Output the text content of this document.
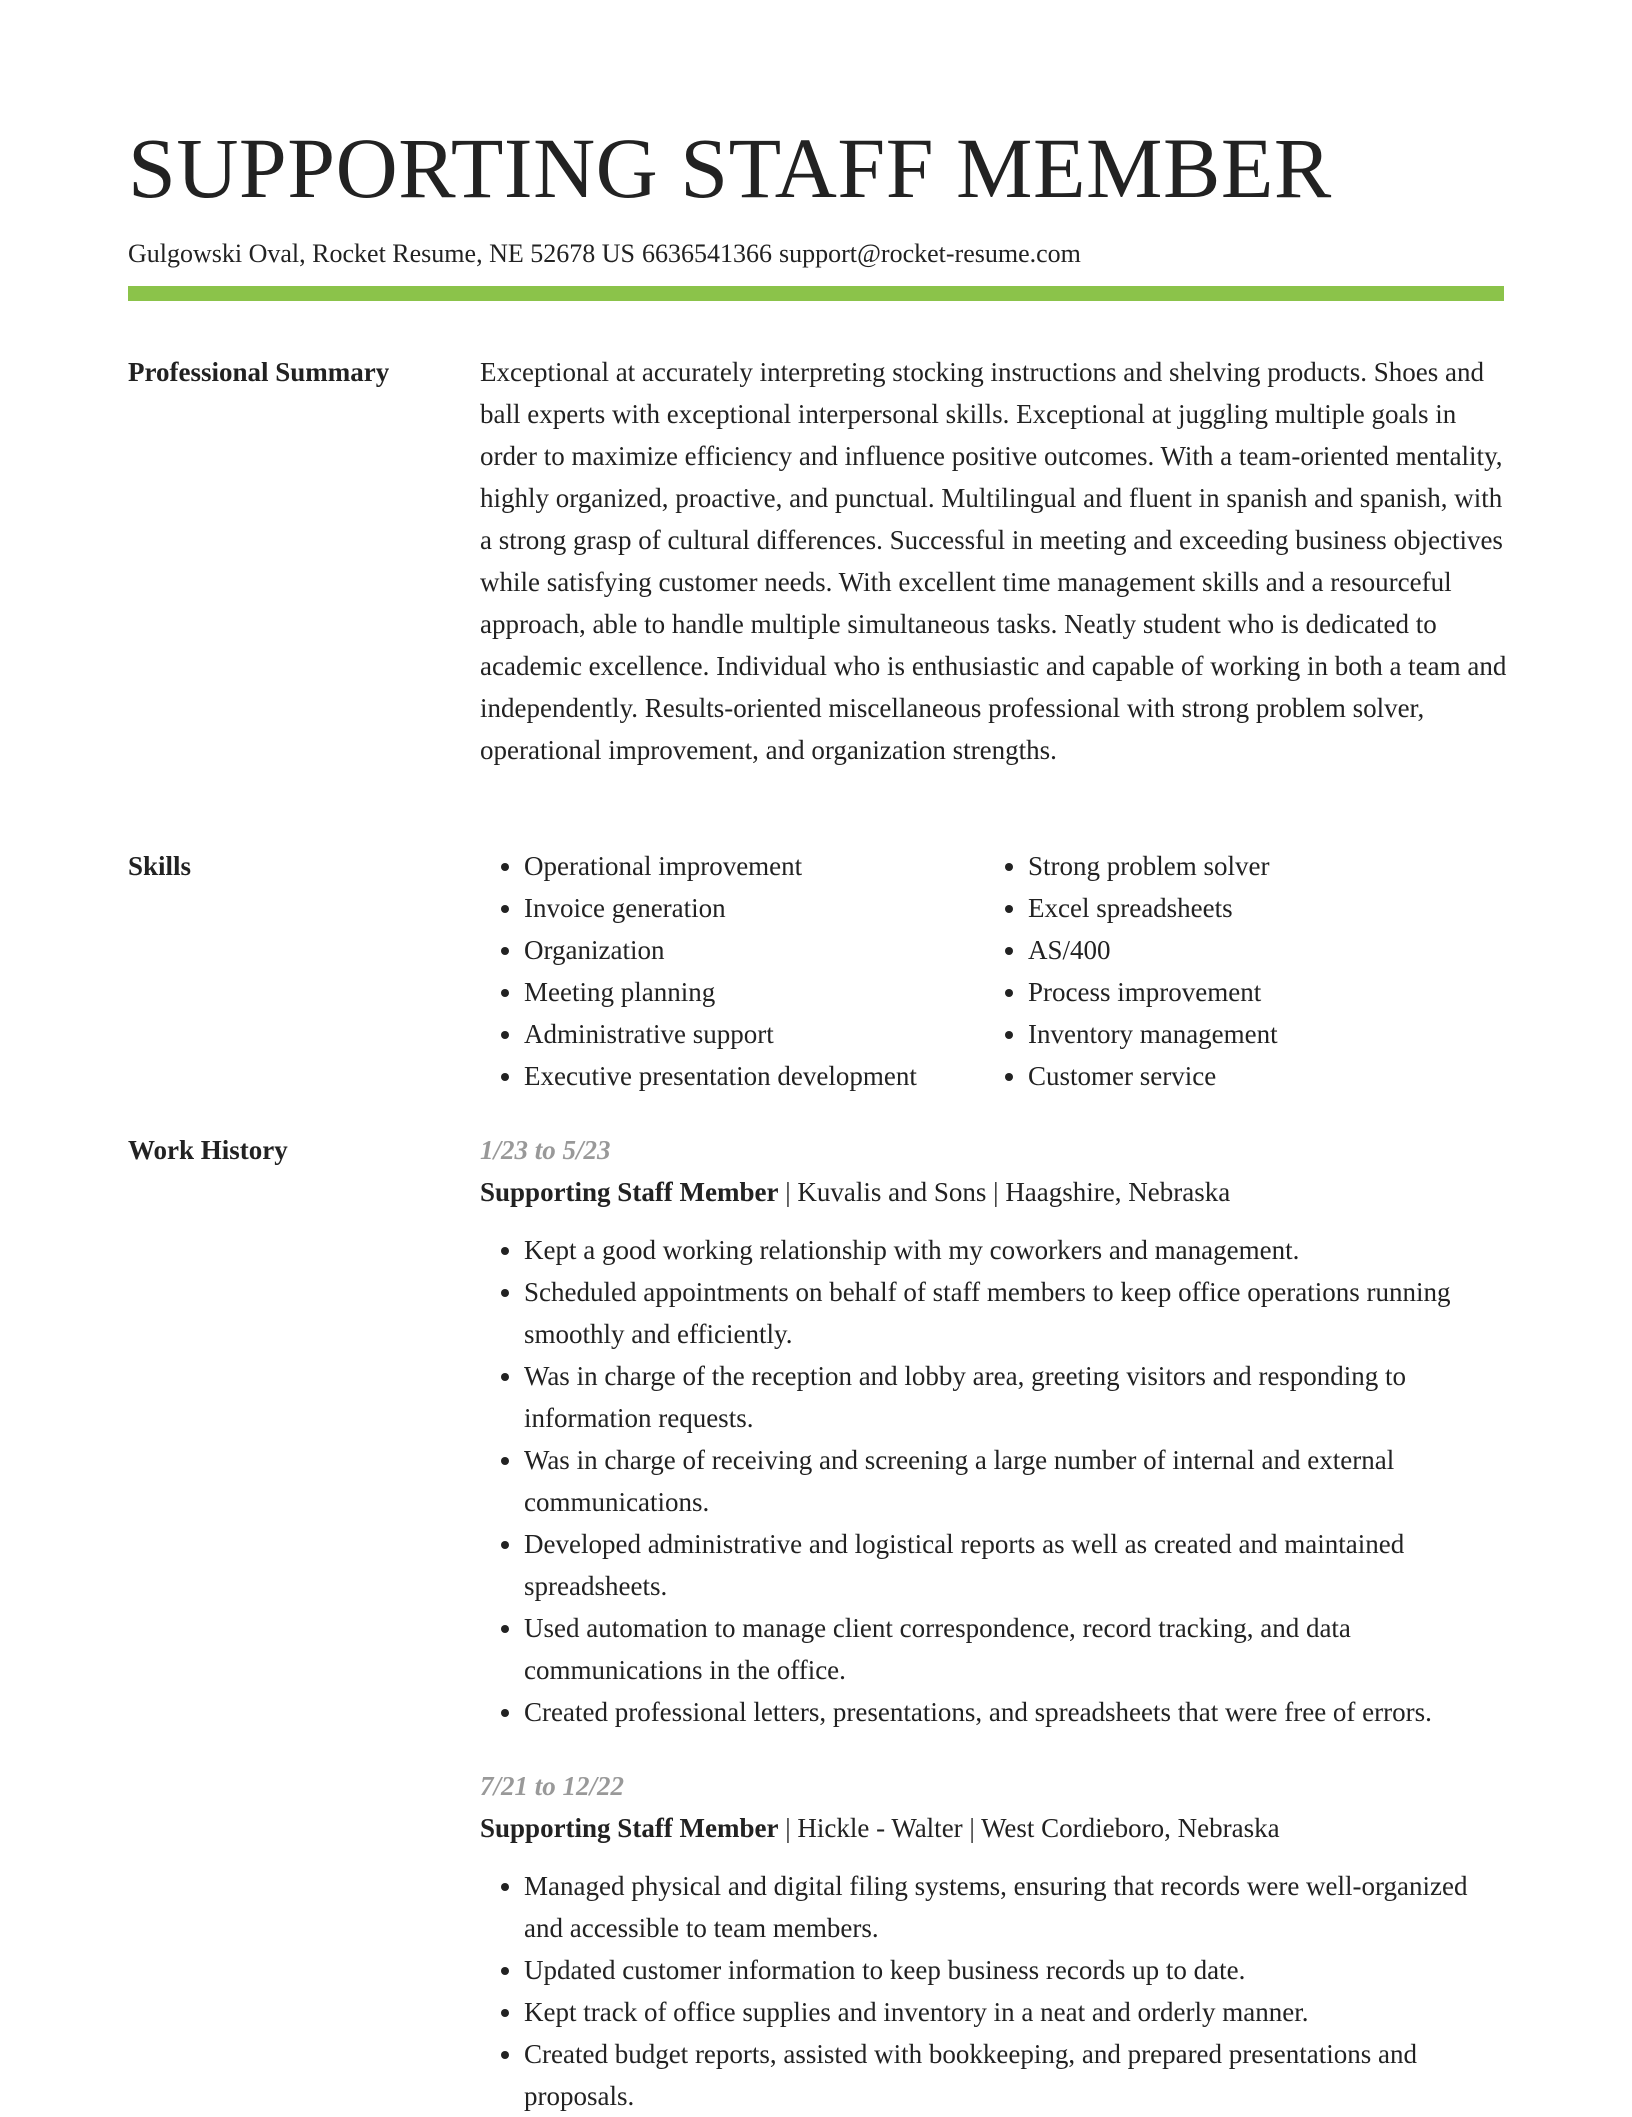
SUPPORTING STAFF MEMBER
Gulgowski Oval, Rocket Resume, NE 52678 US 6636541366 support@rocket-resume.com
Professional Summary	Exceptional at accurately interpreting stocking instructions and shelving products. Shoes and ball experts with exceptional interpersonal skills. Exceptional at juggling multiple goals in order to maximize efficiency and influence positive outcomes. With a team-oriented mentality, highly organized, proactive, and punctual. Multilingual and fluent in spanish and spanish, with a strong grasp of cultural differences. Successful in meeting and exceeding business objectives while satisfying customer needs. With excellent time management skills and a resourceful approach, able to handle multiple simultaneous tasks. Neatly student who is dedicated to academic excellence. Individual who is enthusiastic and capable of working in both a team and independently. Results-oriented miscellaneous professional with strong problem solver, operational improvement, and organization strengths.

Skills
•	Operational improvement
• Invoice generation
• Organization
• Meeting planning
• Administrative support
• Executive presentation development
• Strong problem solver
• Excel spreadsheets
• AS/400
• Process improvement
• Inventory management
• Customer service
Work History	1/23 to 5/23
Supporting Staff Member | Kuvalis and Sons | Haagshire, Nebraska
• Kept a good working relationship with my coworkers and management.
• Scheduled appointments on behalf of staff members to keep office operations running smoothly and efficiently.
• Was in charge of the reception and lobby area, greeting visitors and responding to information requests.
• Was in charge of receiving and screening a large number of internal and external communications.
• Developed administrative and logistical reports as well as created and maintained spreadsheets.
• Used automation to manage client correspondence, record tracking, and data communications in the office.
• Created professional letters, presentations, and spreadsheets that were free of errors.
7/21 to 12/22
Supporting Staff Member | Hickle - Walter | West Cordieboro, Nebraska
• Managed physical and digital filing systems, ensuring that records were well-organized and accessible to team members.
• Updated customer information to keep business records up to date.
• Kept track of office supplies and inventory in a neat and orderly manner.
• Created budget reports, assisted with bookkeeping, and prepared presentations and proposals.
